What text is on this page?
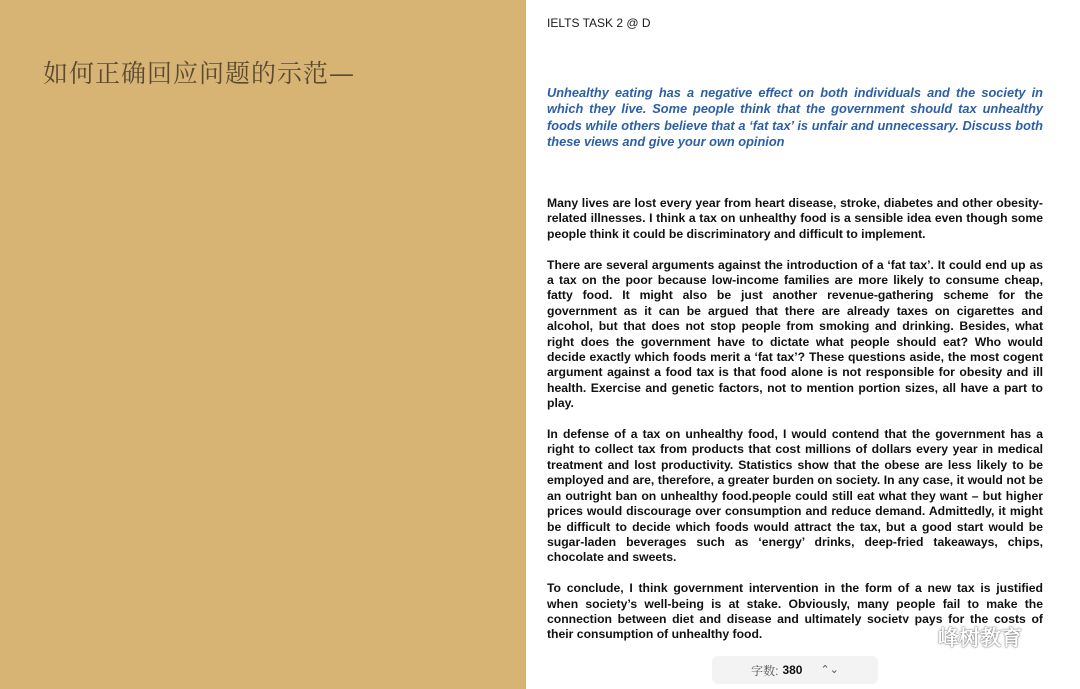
如何正确回应问题的示范—
IELTS TASK 2 @ D
Unhealthy eating has a negative effect on both individuals and the society in which they live. Some people think that the government should tax unhealthy foods while others believe that a ‘fat tax’ is unfair and unnecessary. Discuss both these views and give your own opinion

Many lives are lost every year from heart disease, stroke, diabetes and other obesity-related illnesses. I think a tax on unhealthy food is a sensible idea even though some people think it could be discriminatory and difficult to implement.

There are several arguments against the introduction of a ‘fat tax’. It could end up as a tax on the poor because low-income families are more likely to consume cheap, fatty food. It might also be just another revenue-gathering scheme for the government as it can be argued that there are already taxes on cigarettes and alcohol, but that does not stop people from smoking and drinking. Besides, what right does the government have to dictate what people should eat? Who would decide exactly which foods merit a ‘fat tax’? These questions aside, the most cogent argument against a food tax is that food alone is not responsible for obesity and ill health. Exercise and genetic factors, not to mention portion sizes, all have a part to play.

In defense of a tax on unhealthy food, I would contend that the government has a right to collect tax from products that cost millions of dollars every year in medical treatment and lost productivity. Statistics show that the obese are less likely to be employed and are, therefore, a greater burden on society. In any case, it would not be an outright ban on unhealthy food.people could still eat what they want – but higher prices would discourage over consumption and reduce demand. Admittedly, it might be difficult to decide which foods would attract the tax, but a good start would be sugar-laden beverages such as ‘energy’ drinks, deep-fried takeaways, chips, chocolate and sweets.

To conclude, I think government intervention in the form of a new tax is justified when society’s well-being is at stake. Obviously, many people fail to make the connection between diet and disease and ultimately society pays for the costs of their consumption of unhealthy food.

字数: 380 ⌃⌄
峰树教育
